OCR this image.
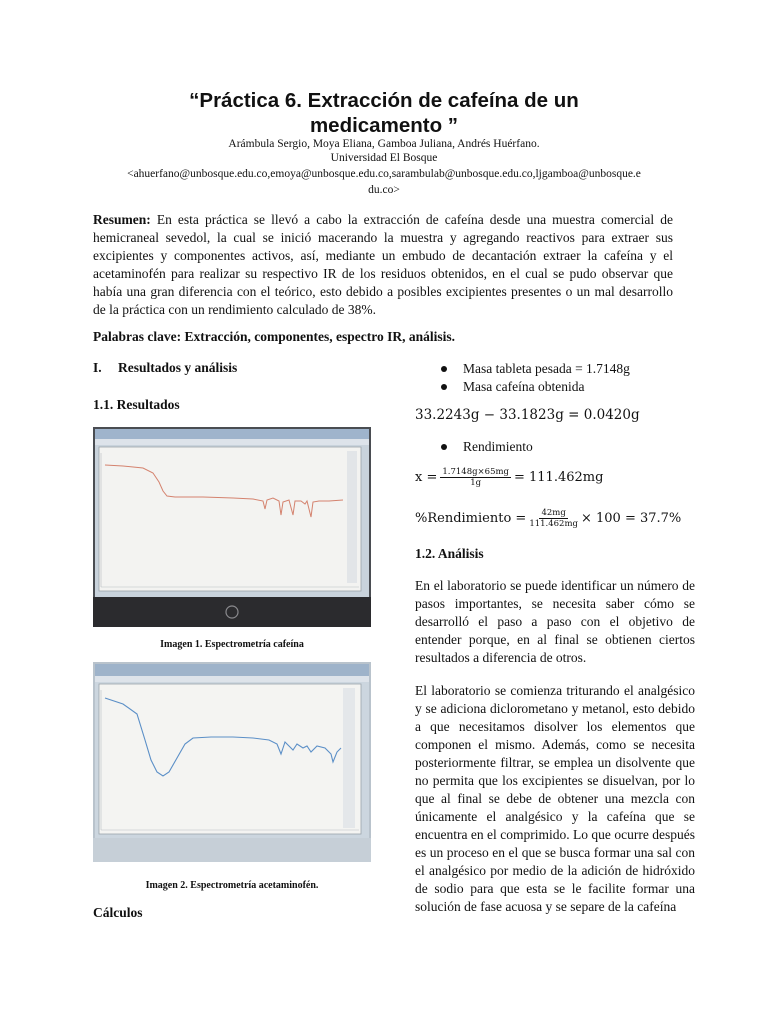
“Práctica 6. Extracción de cafeína de un
medicamento ”
Arámbula Sergio, Moya Eliana, Gamboa Juliana, Andrés Huérfano.
Universidad El Bosque
<ahuerfano@unbosque.edu.co,emoya@unbosque.edu.co,sarambulab@unbosque.edu.co,ljgamboa@unbosque.e
du.co>
Resumen: En esta práctica se llevó a cabo la extracción de cafeína desde una muestra comercial de hemicraneal sevedol, la cual se inició macerando la muestra y agregando reactivos para extraer sus excipientes y componentes activos, así, mediante un embudo de decantación extraer la cafeína y el acetaminofén para realizar su respectivo IR de los residuos obtenidos, en el cual se pudo observar que había una gran diferencia con el teórico, esto debido a posibles excipientes presentes o un mal desarrollo de la práctica con un rendimiento calculado de 38%.
Palabras clave: Extracción, componentes, espectro IR, análisis.
I. Resultados y análisis
1.1. Resultados
Imagen 1. Espectrometría cafeína
Imagen 2. Espectrometría acetaminofén.
Cálculos
Masa tableta pesada = 1.7148g
Masa cafeína obtenida
33.2243g − 33.1823g = 0.0420g
Rendimiento
$x = \frac{1.7148g\times 65mg}{1g} = 111.462mg$
%Rendimiento = $\frac{42mg}{111.462mg} \times 100 = 37.7\%$
1.2. Análisis
En el laboratorio se puede identificar un número de pasos importantes, se necesita saber cómo se desarrolló el paso a paso con el objetivo de entender porque, en al final se obtienen ciertos resultados a diferencia de otros.
El laboratorio se comienza triturando el analgésico y se adiciona diclorometano y metanol, esto debido a que necesitamos disolver los elementos que componen el mismo. Además, como se necesita posteriormente filtrar, se emplea un disolvente que no permita que los excipientes se disuelvan, por lo que al final se debe de obtener una mezcla con únicamente el analgésico y la cafeína que se encuentra en el comprimido. Lo que ocurre después es un proceso en el que se busca formar una sal con el analgésico por medio de la adición de hidróxido de sodio para que esta se le facilite formar una solución de fase acuosa y se separe de la cafeína
